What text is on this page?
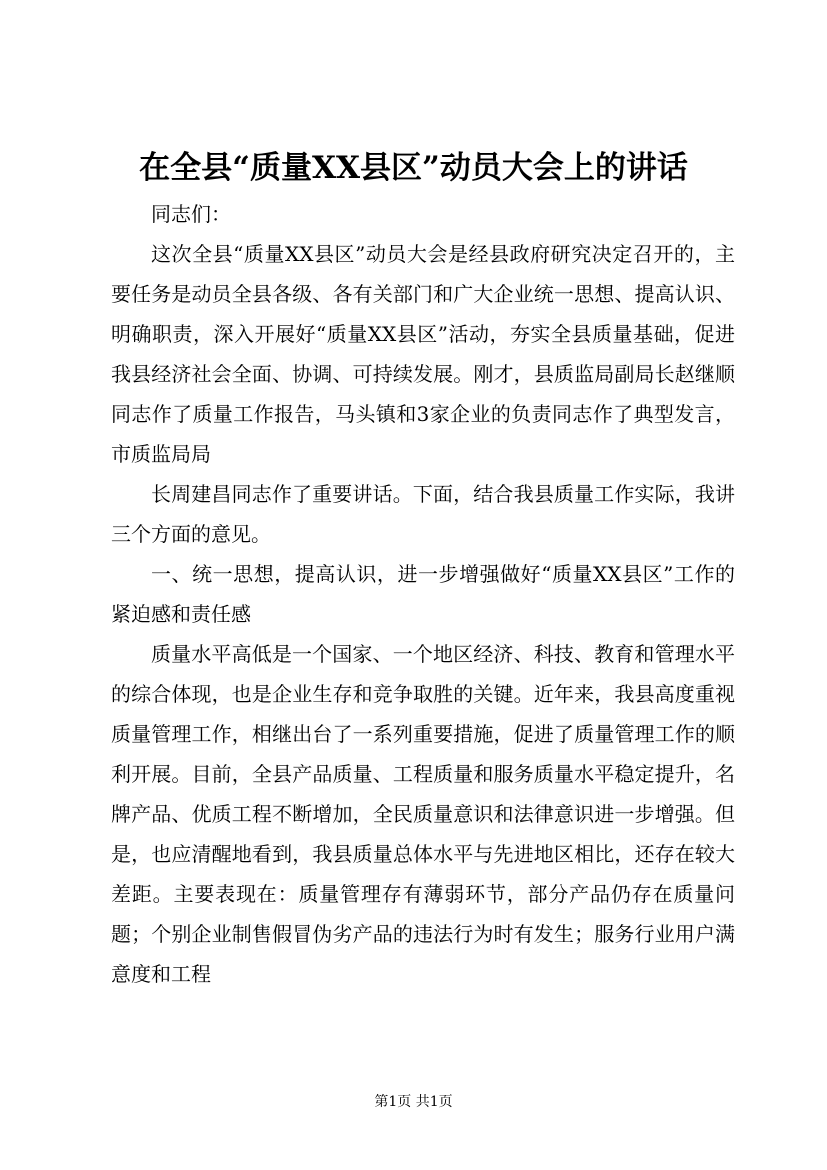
在全县“质量XX县区”动员大会上的讲话

同志们：

这次全县“质量XX县区”动员大会是经县政府研究决定召开的，主要任务是动员全县各级、各有关部门和广大企业统一思想、提高认识、明确职责，深入开展好“质量XX县区”活动，夯实全县质量基础，促进我县经济社会全面、协调、可持续发展。刚才，县质监局副局长赵继顺同志作了质量工作报告，马头镇和3家企业的负责同志作了典型发言，市质监局局

长周建昌同志作了重要讲话。下面，结合我县质量工作实际，我讲三个方面的意见。

一、统一思想，提高认识，进一步增强做好“质量XX县区”工作的紧迫感和责任感

质量水平高低是一个国家、一个地区经济、科技、教育和管理水平的综合体现，也是企业生存和竞争取胜的关键。近年来，我县高度重视质量管理工作，相继出台了一系列重要措施，促进了质量管理工作的顺利开展。目前，全县产品质量、工程质量和服务质量水平稳定提升，名牌产品、优质工程不断增加，全民质量意识和法律意识进一步增强。但是，也应清醒地看到，我县质量总体水平与先进地区相比，还存在较大差距。主要表现在：质量管理存有薄弱环节，部分产品仍存在质量问题；个别企业制售假冒伪劣产品的违法行为时有发生；服务行业用户满意度和工程

第1页 共1页
